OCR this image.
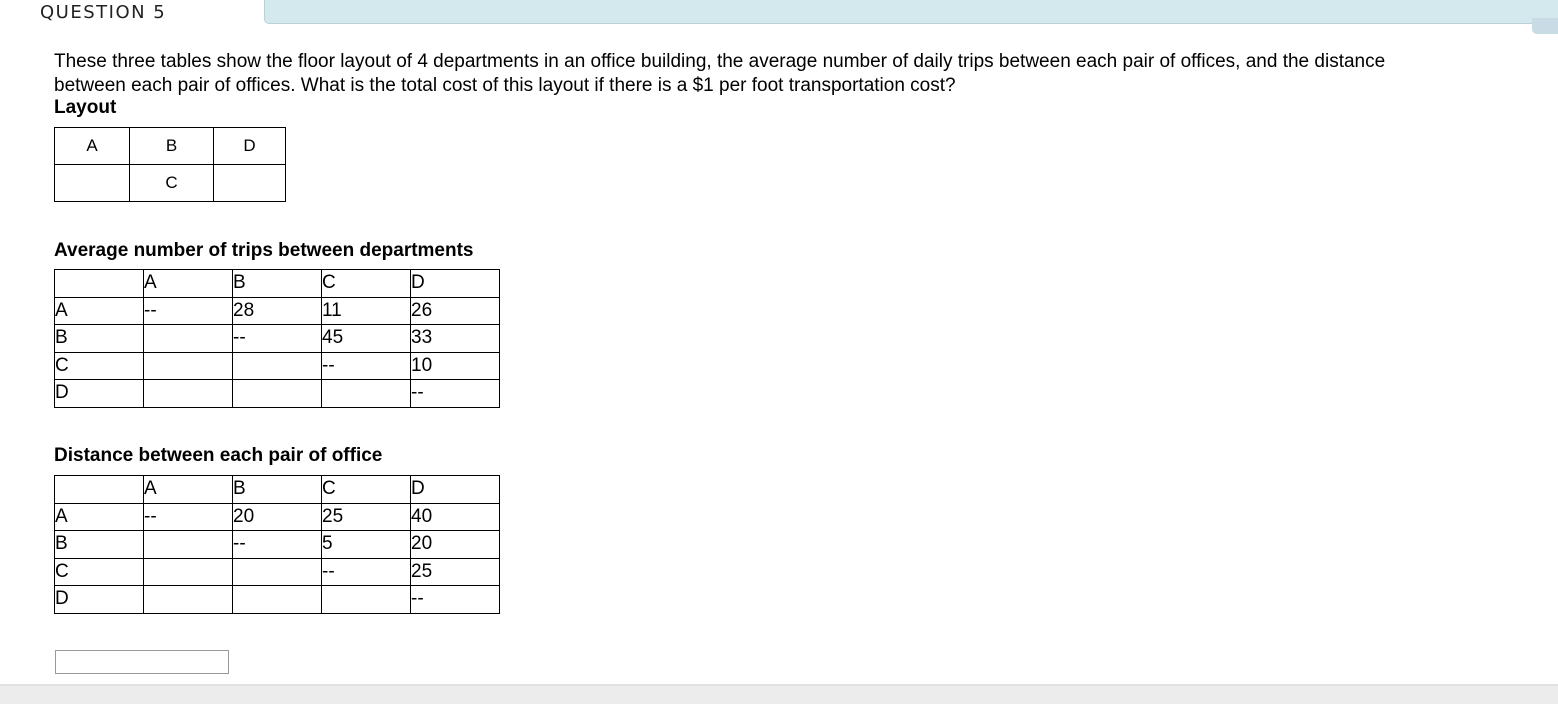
QUESTION 5
These three tables show the floor layout of 4 departments in an office building, the average number of daily trips between each pair of offices, and the distance between each pair of offices. What is the total cost of this layout if there is a $1 per foot transportation cost?
Layout
A	B	D
	C	
Average number of trips between departments
	A	B	C	D
A	--	28	11	26
B		--	45	33
C			--	10
D				--
Distance between each pair of office
	A	B	C	D
A	--	20	25	40
B		--	5	20
C			--	25
D				--
